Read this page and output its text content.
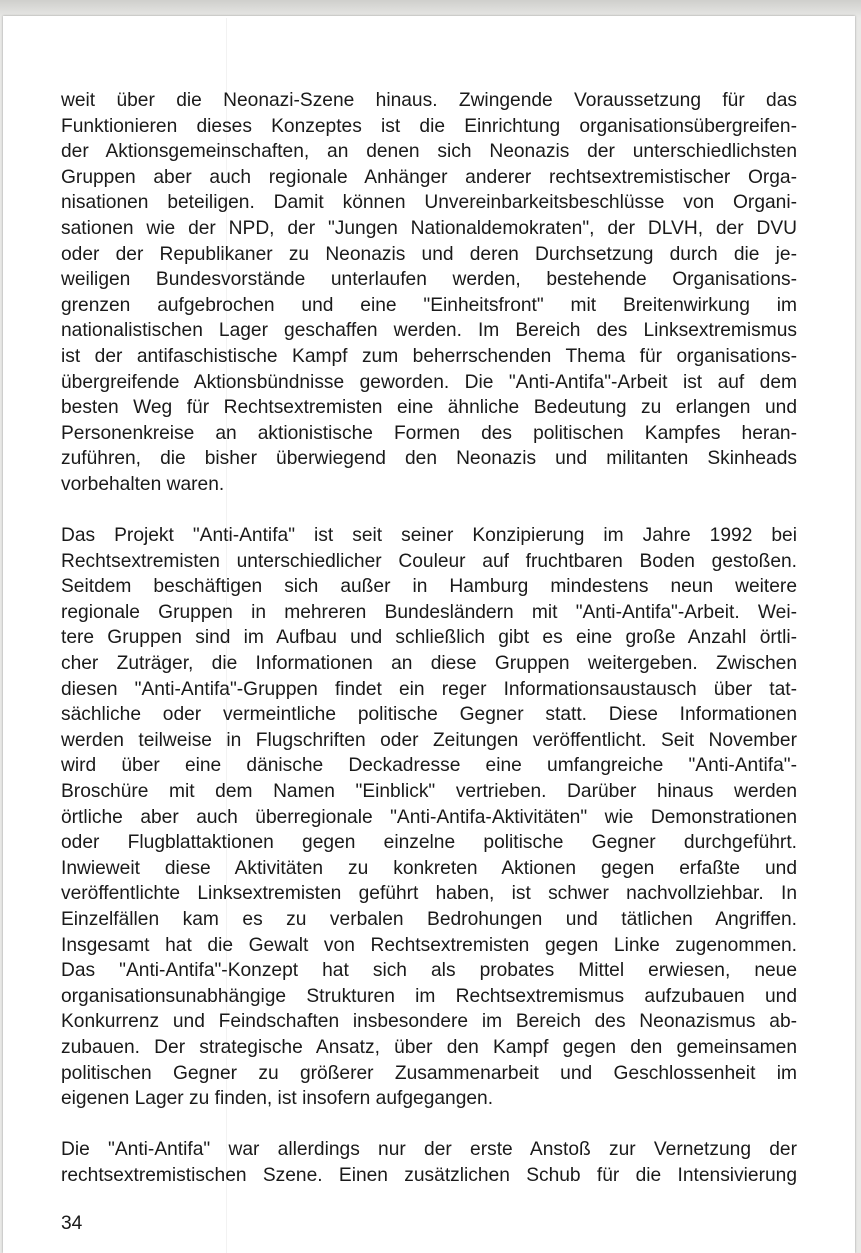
weit über die Neonazi-Szene hinaus. Zwingende Voraussetzung für das
Funktionieren dieses Konzeptes ist die Einrichtung organisationsübergreifen-
der Aktionsgemeinschaften, an denen sich Neonazis der unterschiedlichsten
Gruppen aber auch regionale Anhänger anderer rechtsextremistischer Orga-
nisationen beteiligen. Damit können Unvereinbarkeitsbeschlüsse von Organi-
sationen wie der NPD, der "Jungen Nationaldemokraten", der DLVH, der DVU
oder der Republikaner zu Neonazis und deren Durchsetzung durch die je-
weiligen Bundesvorstände unterlaufen werden, bestehende Organisations-
grenzen aufgebrochen und eine "Einheitsfront" mit Breitenwirkung im
nationalistischen Lager geschaffen werden. Im Bereich des Linksextremismus
ist der antifaschistische Kampf zum beherrschenden Thema für organisations-
übergreifende Aktionsbündnisse geworden. Die "Anti-Antifa"-Arbeit ist auf dem
besten Weg für Rechtsextremisten eine ähnliche Bedeutung zu erlangen und
Personenkreise an aktionistische Formen des politischen Kampfes heran-
zuführen, die bisher überwiegend den Neonazis und militanten Skinheads
vorbehalten waren.
Das Projekt "Anti-Antifa" ist seit seiner Konzipierung im Jahre 1992 bei
Rechtsextremisten unterschiedlicher Couleur auf fruchtbaren Boden gestoßen.
Seitdem beschäftigen sich außer in Hamburg mindestens neun weitere
regionale Gruppen in mehreren Bundesländern mit "Anti-Antifa"-Arbeit. Wei-
tere Gruppen sind im Aufbau und schließlich gibt es eine große Anzahl örtli-
cher Zuträger, die Informationen an diese Gruppen weitergeben. Zwischen
diesen "Anti-Antifa"-Gruppen findet ein reger Informationsaustausch über tat-
sächliche oder vermeintliche politische Gegner statt. Diese Informationen
werden teilweise in Flugschriften oder Zeitungen veröffentlicht. Seit November
wird über eine dänische Deckadresse eine umfangreiche "Anti-Antifa"-
Broschüre mit dem Namen "Einblick" vertrieben. Darüber hinaus werden
örtliche aber auch überregionale "Anti-Antifa-Aktivitäten" wie Demonstrationen
oder Flugblattaktionen gegen einzelne politische Gegner durchgeführt.
Inwieweit diese Aktivitäten zu konkreten Aktionen gegen erfaßte und
veröffentlichte Linksextremisten geführt haben, ist schwer nachvollziehbar. In
Einzelfällen kam es zu verbalen Bedrohungen und tätlichen Angriffen.
Insgesamt hat die Gewalt von Rechtsextremisten gegen Linke zugenommen.
Das "Anti-Antifa"-Konzept hat sich als probates Mittel erwiesen, neue
organisationsunabhängige Strukturen im Rechtsextremismus aufzubauen und
Konkurrenz und Feindschaften insbesondere im Bereich des Neonazismus ab-
zubauen. Der strategische Ansatz, über den Kampf gegen den gemeinsamen
politischen Gegner zu größerer Zusammenarbeit und Geschlossenheit im
eigenen Lager zu finden, ist insofern aufgegangen.
Die "Anti-Antifa" war allerdings nur der erste Anstoß zur Vernetzung der
rechtsextremistischen Szene. Einen zusätzlichen Schub für die Intensivierung
34
